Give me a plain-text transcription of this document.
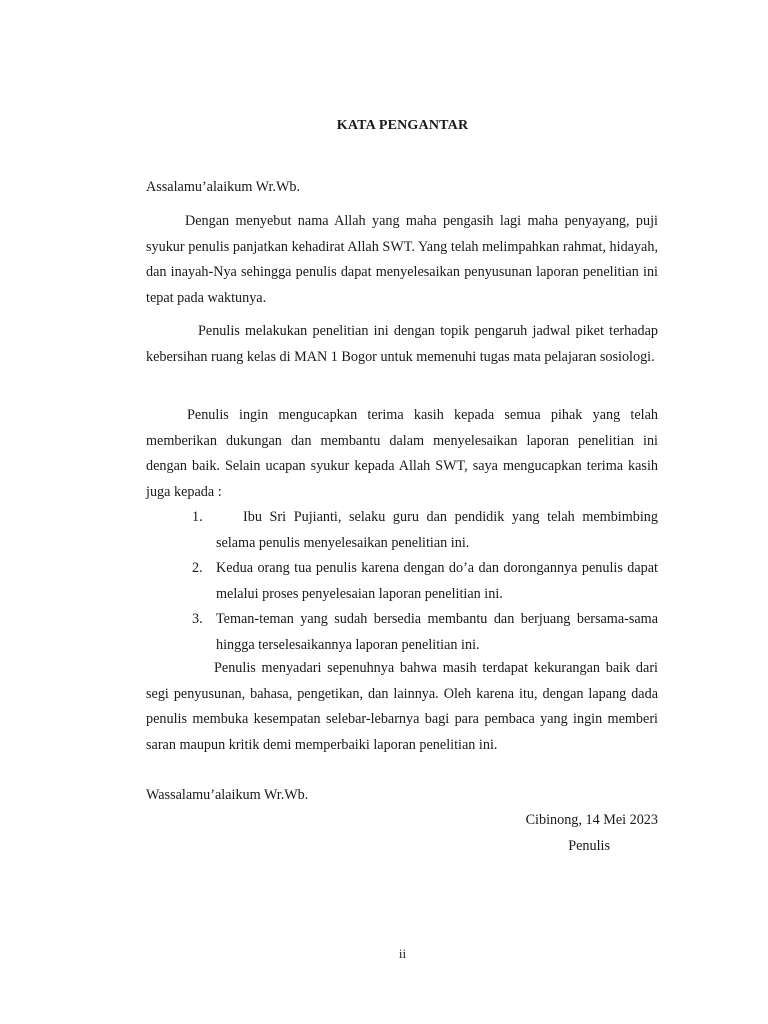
KATA PENGANTAR
Assalamu’alaikum Wr.Wb.
Dengan menyebut nama Allah yang maha pengasih lagi maha penyayang, puji syukur penulis panjatkan kehadirat Allah SWT. Yang telah melimpahkan rahmat, hidayah, dan inayah-Nya sehingga penulis dapat menyelesaikan penyusunan laporan penelitian ini tepat pada waktunya.
Penulis melakukan penelitian ini dengan topik pengaruh jadwal piket terhadap kebersihan ruang kelas di MAN 1 Bogor untuk memenuhi tugas mata pelajaran sosiologi.
Penulis ingin mengucapkan terima kasih kepada semua pihak yang telah memberikan dukungan dan membantu dalam menyelesaikan laporan penelitian ini dengan baik. Selain ucapan syukur kepada Allah SWT, saya mengucapkan terima kasih juga kepada :
1.	Ibu Sri Pujianti, selaku guru dan pendidik yang telah membimbing selama penulis menyelesaikan penelitian ini.
2. Kedua orang tua penulis karena dengan do’a dan dorongannya penulis dapat melalui proses penyelesaian laporan penelitian ini.
3. Teman-teman yang sudah bersedia membantu dan berjuang bersama-sama hingga terselesaikannya laporan penelitian ini.
Penulis menyadari sepenuhnya bahwa masih terdapat kekurangan baik dari segi penyusunan, bahasa, pengetikan, dan lainnya. Oleh karena itu, dengan lapang dada penulis membuka kesempatan selebar-lebarnya bagi para pembaca yang ingin memberi saran maupun kritik demi memperbaiki laporan penelitian ini.
Wassalamu’alaikum Wr.Wb.
Cibinong, 14 Mei 2023
Penulis
ii
